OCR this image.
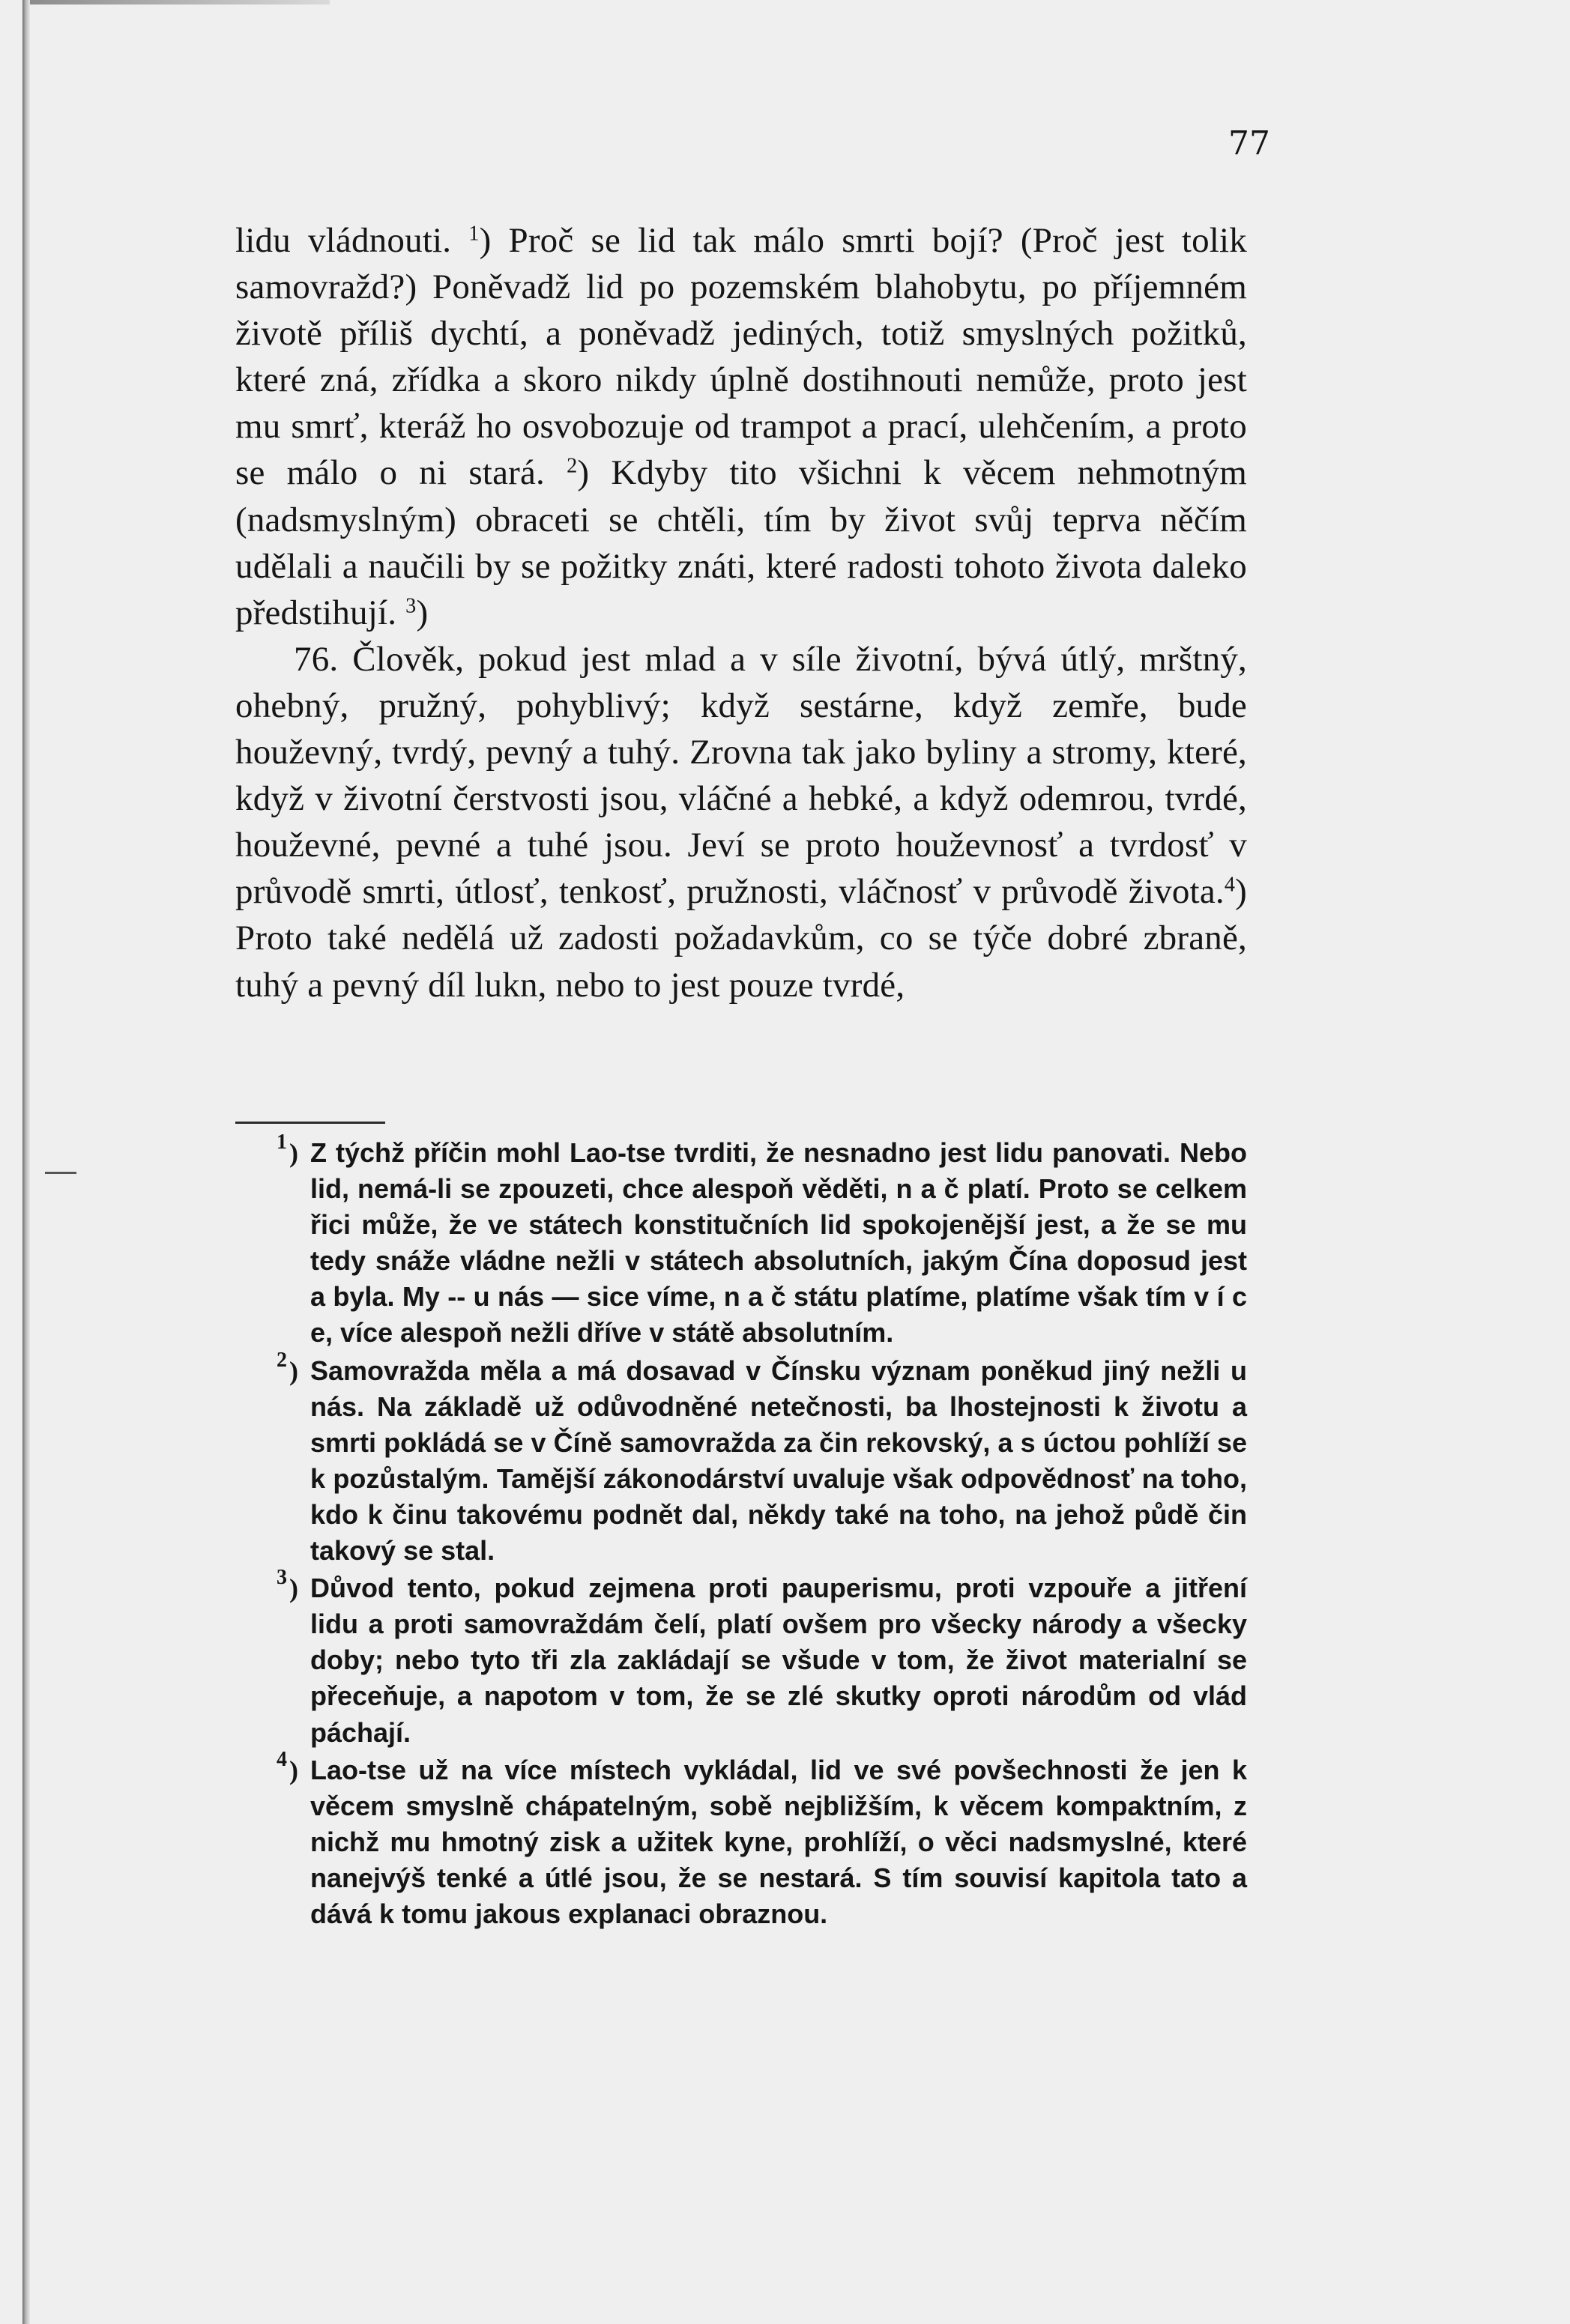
77

lidu vládnouti. $^1$) Proč se lid tak málo smrti bojí? (Proč jest tolik samovražd?) Poněvadž lid po pozemském blahobytu, po příjemném životě příliš dychtí, a poněvadž jediných, totiž smyslných požitků, které zná, zřídka a skoro nikdy úplně dostihnouti nemůže, proto jest mu smrť, kteráž ho osvobozuje od trampot a prací, ulehčením, a proto se málo o ni stará. $^2$) Kdyby tito všichni k věcem nehmotným (nadsmyslným) obraceti se chtěli, tím by život svůj teprva něčím udělali a naučili by se požitky znáti, které radosti tohoto života daleko předstihují. $^3$)

76. Člověk, pokud jest mlad a v síle životní, bývá útlý, mrštný, ohebný, pružný, pohyblivý; když sestárne, když zemře, bude houževný, tvrdý, pevný a tuhý. Zrovna tak jako byliny a stromy, které, když v životní čerstvosti jsou, vláčné a hebké, a když odemrou, tvrdé, houževné, pevné a tuhé jsou. Jeví se proto houževnosť a tvrdosť v průvodě smrti, útlosť, tenkosť, pružnosti, vláčnosť v průvodě života.$^4$) Proto také nedělá už zadosti požadavkům, co se týče dobré zbraně, tuhý a pevný díl lukn, nebo to jest pouze tvrdé,

1 ) Z týchž příčin mohl Lao-tse tvrditi, že nesnadno jest lidu panovati. Nebo lid, nemá-li se zpouzeti, chce alespoň věděti, n a č platí. Proto se celkem řici může, že ve státech konstitučních lid spokojenější jest, a že se mu tedy snáže vládne nežli v státech absolutních, jakým Čína doposud jest a byla. My -- u nás — sice víme, n a č státu platíme, platíme však tím v í c e, více alespoň nežli dříve v státě absolutním.
2 ) Samovražda měla a má dosavad v Čínsku význam poněkud jiný nežli u nás. Na základě už odůvodněné netečnosti, ba lhostejnosti k životu a smrti pokládá se v Číně samovražda za čin rekovský, a s úctou pohlíží se k pozůstalým. Tamější zákonodárství uvaluje však odpovědnosť na toho, kdo k činu takovému podnět dal, někdy také na toho, na jehož půdě čin takový se stal.
3 ) Důvod tento, pokud zejmena proti pauperismu, proti vzpouře a jitření lidu a proti samovraždám čelí, platí ovšem pro všecky národy a všecky doby; nebo tyto tři zla zakládají se všude v tom, že život materialní se přeceňuje, a napotom v tom, že se zlé skutky oproti národům od vlád páchají.
4 ) Lao-tse už na více místech vykládal, lid ve své povšechnosti že jen k věcem smyslně chápatelným, sobě nejbližším, k věcem kompaktním, z nichž mu hmotný zisk a užitek kyne, prohlíží, o věci nadsmyslné, které nanejvýš tenké a útlé jsou, že se nestará. S tím souvisí kapitola tato a dává k tomu jakous explanaci obraznou.
